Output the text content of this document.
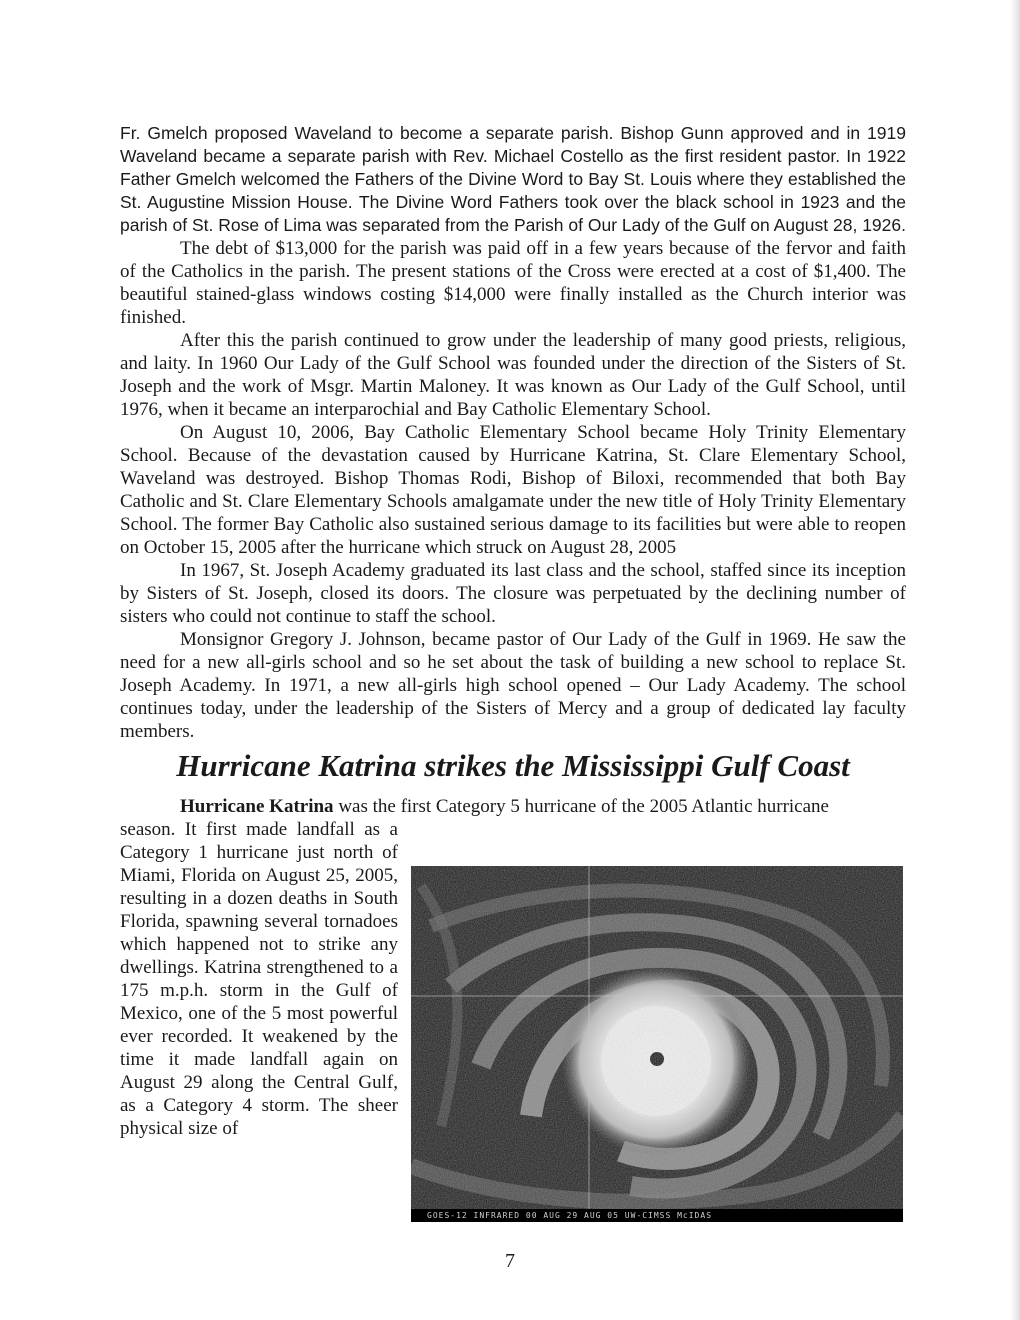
Fr. Gmelch proposed Waveland to become a separate parish. Bishop Gunn approved and in 1919 Waveland became a separate parish with Rev. Michael Costello as the first resident pastor. In 1922 Father Gmelch welcomed the Fathers of the Divine Word to Bay St. Louis where they established the St. Augustine Mission House. The Divine Word Fathers took over the black school in 1923 and the parish of St. Rose of Lima was separated from the Parish of Our Lady of the Gulf on August 28, 1926.

The debt of $13,000 for the parish was paid off in a few years because of the fervor and faith of the Catholics in the parish. The present stations of the Cross were erected at a cost of $1,400. The beautiful stained-glass windows costing $14,000 were finally installed as the Church interior was finished.

After this the parish continued to grow under the leadership of many good priests, religious, and laity. In 1960 Our Lady of the Gulf School was founded under the direction of the Sisters of St. Joseph and the work of Msgr. Martin Maloney. It was known as Our Lady of the Gulf School, until 1976, when it became an interparochial and Bay Catholic Elementary School.

On August 10, 2006, Bay Catholic Elementary School became Holy Trinity Elementary School. Because of the devastation caused by Hurricane Katrina, St. Clare Elementary School, Waveland was destroyed. Bishop Thomas Rodi, Bishop of Biloxi, recommended that both Bay Catholic and St. Clare Elementary Schools amalgamate under the new title of Holy Trinity Elementary School. The former Bay Catholic also sustained serious damage to its facilities but were able to reopen on October 15, 2005 after the hurricane which struck on August 28, 2005

In 1967, St. Joseph Academy graduated its last class and the school, staffed since its inception by Sisters of St. Joseph, closed its doors. The closure was perpetuated by the declining number of sisters who could not continue to staff the school.

Monsignor Gregory J. Johnson, became pastor of Our Lady of the Gulf in 1969. He saw the need for a new all-girls school and so he set about the task of building a new school to replace St. Joseph Academy. In 1971, a new all-girls high school opened – Our Lady Academy. The school continues today, under the leadership of the Sisters of Mercy and a group of dedicated lay faculty members.

Hurricane Katrina strikes the Mississippi Gulf Coast

Hurricane Katrina was the first Category 5 hurricane of the 2005 Atlantic hurricane

season. It first made landfall as a Category 1 hurricane just north of Miami, Florida on August 25, 2005, resulting in a dozen deaths in South Florida, spawning several tornadoes which happened not to strike any dwellings. Katrina strengthened to a 175 m.p.h. storm in the Gulf of Mexico, one of the 5 most powerful ever recorded. It weakened by the time it made landfall again on August 29 along the Central Gulf, as a Category 4 storm. The sheer physical size of

GOES-12 INFRARED 00 AUG 29 AUG 05 UW-CIMSS McIDAS
7
